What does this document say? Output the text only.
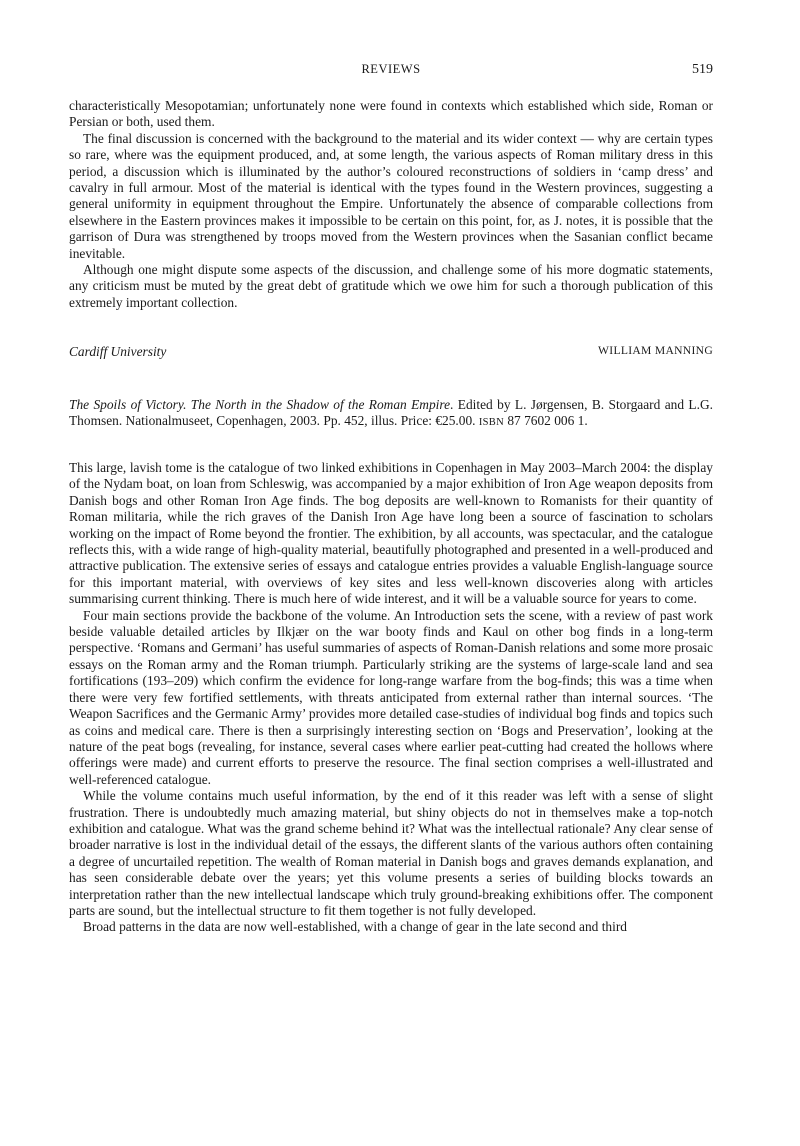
REVIEWS	519

characteristically Mesopotamian; unfortunately none were found in contexts which established which side, Roman or Persian or both, used them.

The final discussion is concerned with the background to the material and its wider context — why are certain types so rare, where was the equipment produced, and, at some length, the various aspects of Roman military dress in this period, a discussion which is illuminated by the author’s coloured reconstructions of soldiers in ‘camp dress’ and cavalry in full armour. Most of the material is identical with the types found in the Western provinces, suggesting a general uniformity in equipment throughout the Empire. Unfortunately the absence of comparable collections from elsewhere in the Eastern provinces makes it impossible to be certain on this point, for, as J. notes, it is possible that the garrison of Dura was strengthened by troops moved from the Western provinces when the Sasanian conflict became inevitable.

Although one might dispute some aspects of the discussion, and challenge some of his more dogmatic statements, any criticism must be muted by the great debt of gratitude which we owe him for such a thorough publication of this extremely important collection.

Cardiff University	WILLIAM MANNING

The Spoils of Victory. The North in the Shadow of the Roman Empire. Edited by L. Jørgensen, B. Storgaard and L.G. Thomsen. Nationalmuseet, Copenhagen, 2003. Pp. 452, illus. Price: €25.00. ISBN 87 7602 006 1.

This large, lavish tome is the catalogue of two linked exhibitions in Copenhagen in May 2003–March 2004: the display of the Nydam boat, on loan from Schleswig, was accompanied by a major exhibition of Iron Age weapon deposits from Danish bogs and other Roman Iron Age finds. The bog deposits are well-known to Romanists for their quantity of Roman militaria, while the rich graves of the Danish Iron Age have long been a source of fascination to scholars working on the impact of Rome beyond the frontier. The exhibition, by all accounts, was spectacular, and the catalogue reflects this, with a wide range of high-quality material, beautifully photographed and presented in a well-produced and attractive publication. The extensive series of essays and catalogue entries provides a valuable English-language source for this important material, with overviews of key sites and less well-known discoveries along with articles summarising current thinking. There is much here of wide interest, and it will be a valuable source for years to come.

Four main sections provide the backbone of the volume. An Introduction sets the scene, with a review of past work beside valuable detailed articles by Ilkjær on the war booty finds and Kaul on other bog finds in a long-term perspective. ‘Romans and Germani’ has useful summaries of aspects of Roman-Danish relations and some more prosaic essays on the Roman army and the Roman triumph. Particularly striking are the systems of large-scale land and sea fortifications (193–209) which confirm the evidence for long-range warfare from the bog-finds; this was a time when there were very few fortified settlements, with threats anticipated from external rather than internal sources. ‘The Weapon Sacrifices and the Germanic Army’ provides more detailed case-studies of individual bog finds and topics such as coins and medical care. There is then a surprisingly interesting section on ‘Bogs and Preservation’, looking at the nature of the peat bogs (revealing, for instance, several cases where earlier peat-cutting had created the hollows where offerings were made) and current efforts to preserve the resource. The final section comprises a well-illustrated and well-referenced catalogue.

While the volume contains much useful information, by the end of it this reader was left with a sense of slight frustration. There is undoubtedly much amazing material, but shiny objects do not in themselves make a top-notch exhibition and catalogue. What was the grand scheme behind it? What was the intellectual rationale? Any clear sense of broader narrative is lost in the individual detail of the essays, the different slants of the various authors often containing a degree of uncurtailed repetition. The wealth of Roman material in Danish bogs and graves demands explanation, and has seen considerable debate over the years; yet this volume presents a series of building blocks towards an interpretation rather than the new intellectual landscape which truly ground-breaking exhibitions offer. The component parts are sound, but the intellectual structure to fit them together is not fully developed.

Broad patterns in the data are now well-established, with a change of gear in the late second and third
